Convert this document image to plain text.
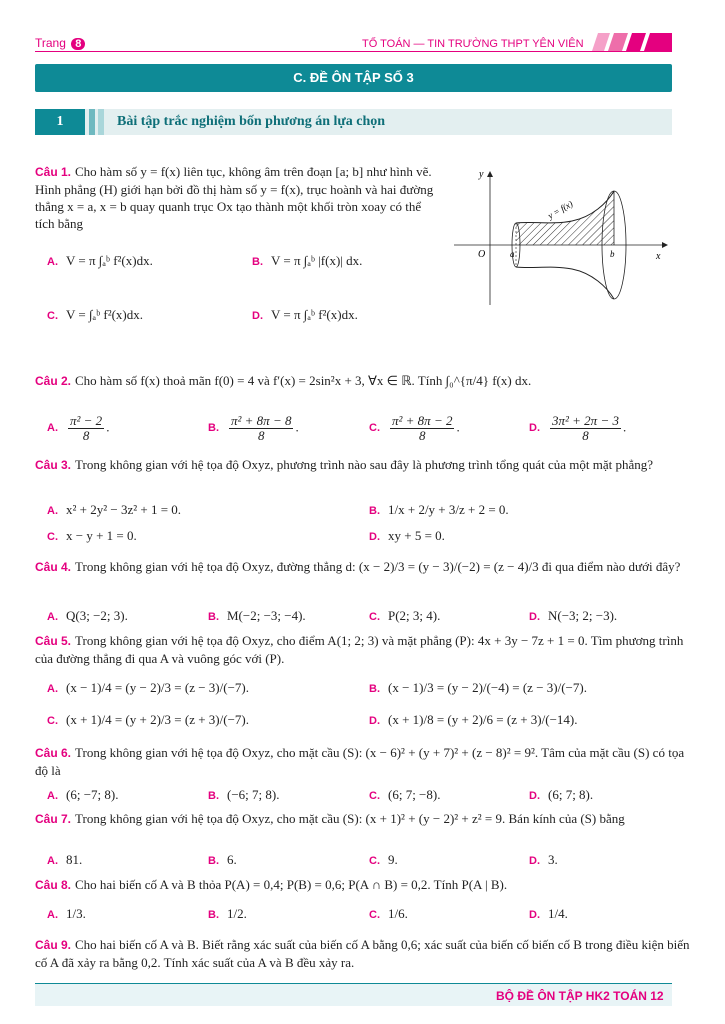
Trang 8	TỔ TOÁN — TIN TRƯỜNG THPT YÊN VIÊN
C. ĐỀ ÔN TẬP SỐ 3
1	Bài tập trắc nghiệm bốn phương án lựa chọn
Câu 1. Cho hàm số y = f(x) liên tục, không âm trên đoạn [a; b] như hình vẽ. Hình phẳng (H) giới hạn bởi đồ thị hàm số y = f(x), trục hoành và hai đường thẳng x = a, x = b quay quanh trục Ox tạo thành một khối tròn xoay có thể tích bằng
A. V = π ∫ₐᵇ f²(x)dx.	B. V = π ∫ₐᵇ |f(x)| dx.
C. V = ∫ₐᵇ f²(x)dx.	D. V = π ∫ₐᵇ f²(x)dx.
y
x
O	a	b
y = f(x)
Câu 2. Cho hàm số f(x) thoả mãn f(0) = 4 và f′(x) = 2sin²x + 3, ∀x ∈ ℝ. Tính ∫₀^{π/4} f(x) dx.
A. $\frac{\text{π² − 2}}{8}$ .	B. $\frac{\text{π² + 8π − 8}}{8}$ .	C. $\frac{\text{π² + 8π − 2}}{8}$ .	D. $\frac{\text{3π² + 2π − 3}}{8}$ .
Câu 3. Trong không gian với hệ tọa độ Oxyz, phương trình nào sau đây là phương trình tổng quát của một mặt phẳng?
A. x² + 2y² − 3z² + 1 = 0.	B. 1/x + 2/y + 3/z + 2 = 0.
C. x − y + 1 = 0.	D. xy + 5 = 0.
Câu 4. Trong không gian với hệ tọa độ Oxyz, đường thẳng d: (x − 2)/3 = (y − 3)/(−2) = (z − 4)/3 đi qua điểm nào dưới đây?
A. Q(3; −2; 3).	B. M(−2; −3; −4).	C. P(2; 3; 4).	D. N(−3; 2; −3).
Câu 5. Trong không gian với hệ tọa độ Oxyz, cho điểm A(1; 2; 3) và mặt phẳng (P): 4x + 3y − 7z + 1 = 0. Tìm phương trình của đường thẳng đi qua A và vuông góc với (P).
A. (x − 1)/4 = (y − 2)/3 = (z − 3)/(−7).	B. (x − 1)/3 = (y − 2)/(−4) = (z − 3)/(−7).
C. (x + 1)/4 = (y + 2)/3 = (z + 3)/(−7).	D. (x + 1)/8 = (y + 2)/6 = (z + 3)/(−14).
Câu 6. Trong không gian với hệ tọa độ Oxyz, cho mặt cầu (S): (x − 6)² + (y + 7)² + (z − 8)² = 9². Tâm của mặt cầu (S) có tọa độ là
A. (6; −7; 8).	B. (−6; 7; 8).	C. (6; 7; −8).	D. (6; 7; 8).
Câu 7. Trong không gian với hệ tọa độ Oxyz, cho mặt cầu (S): (x + 1)² + (y − 2)² + z² = 9. Bán kính của (S) bằng
A. 81.	B. 6.	C. 9.	D. 3.
Câu 8. Cho hai biến cố A và B thỏa P(A) = 0,4; P(B) = 0,6; P(A ∩ B) = 0,2. Tính P(A | B).
A. 1/3.	B. 1/2.	C. 1/6.	D. 1/4.
Câu 9. Cho hai biến cố A và B. Biết rằng xác suất của biến cố A bằng 0,6; xác suất của biến cố biến cố B trong điều kiện biến cố A đã xảy ra bằng 0,2. Tính xác suất của A và B đều xảy ra.
BỘ ĐỀ ÔN TẬP HK2 TOÁN 12
